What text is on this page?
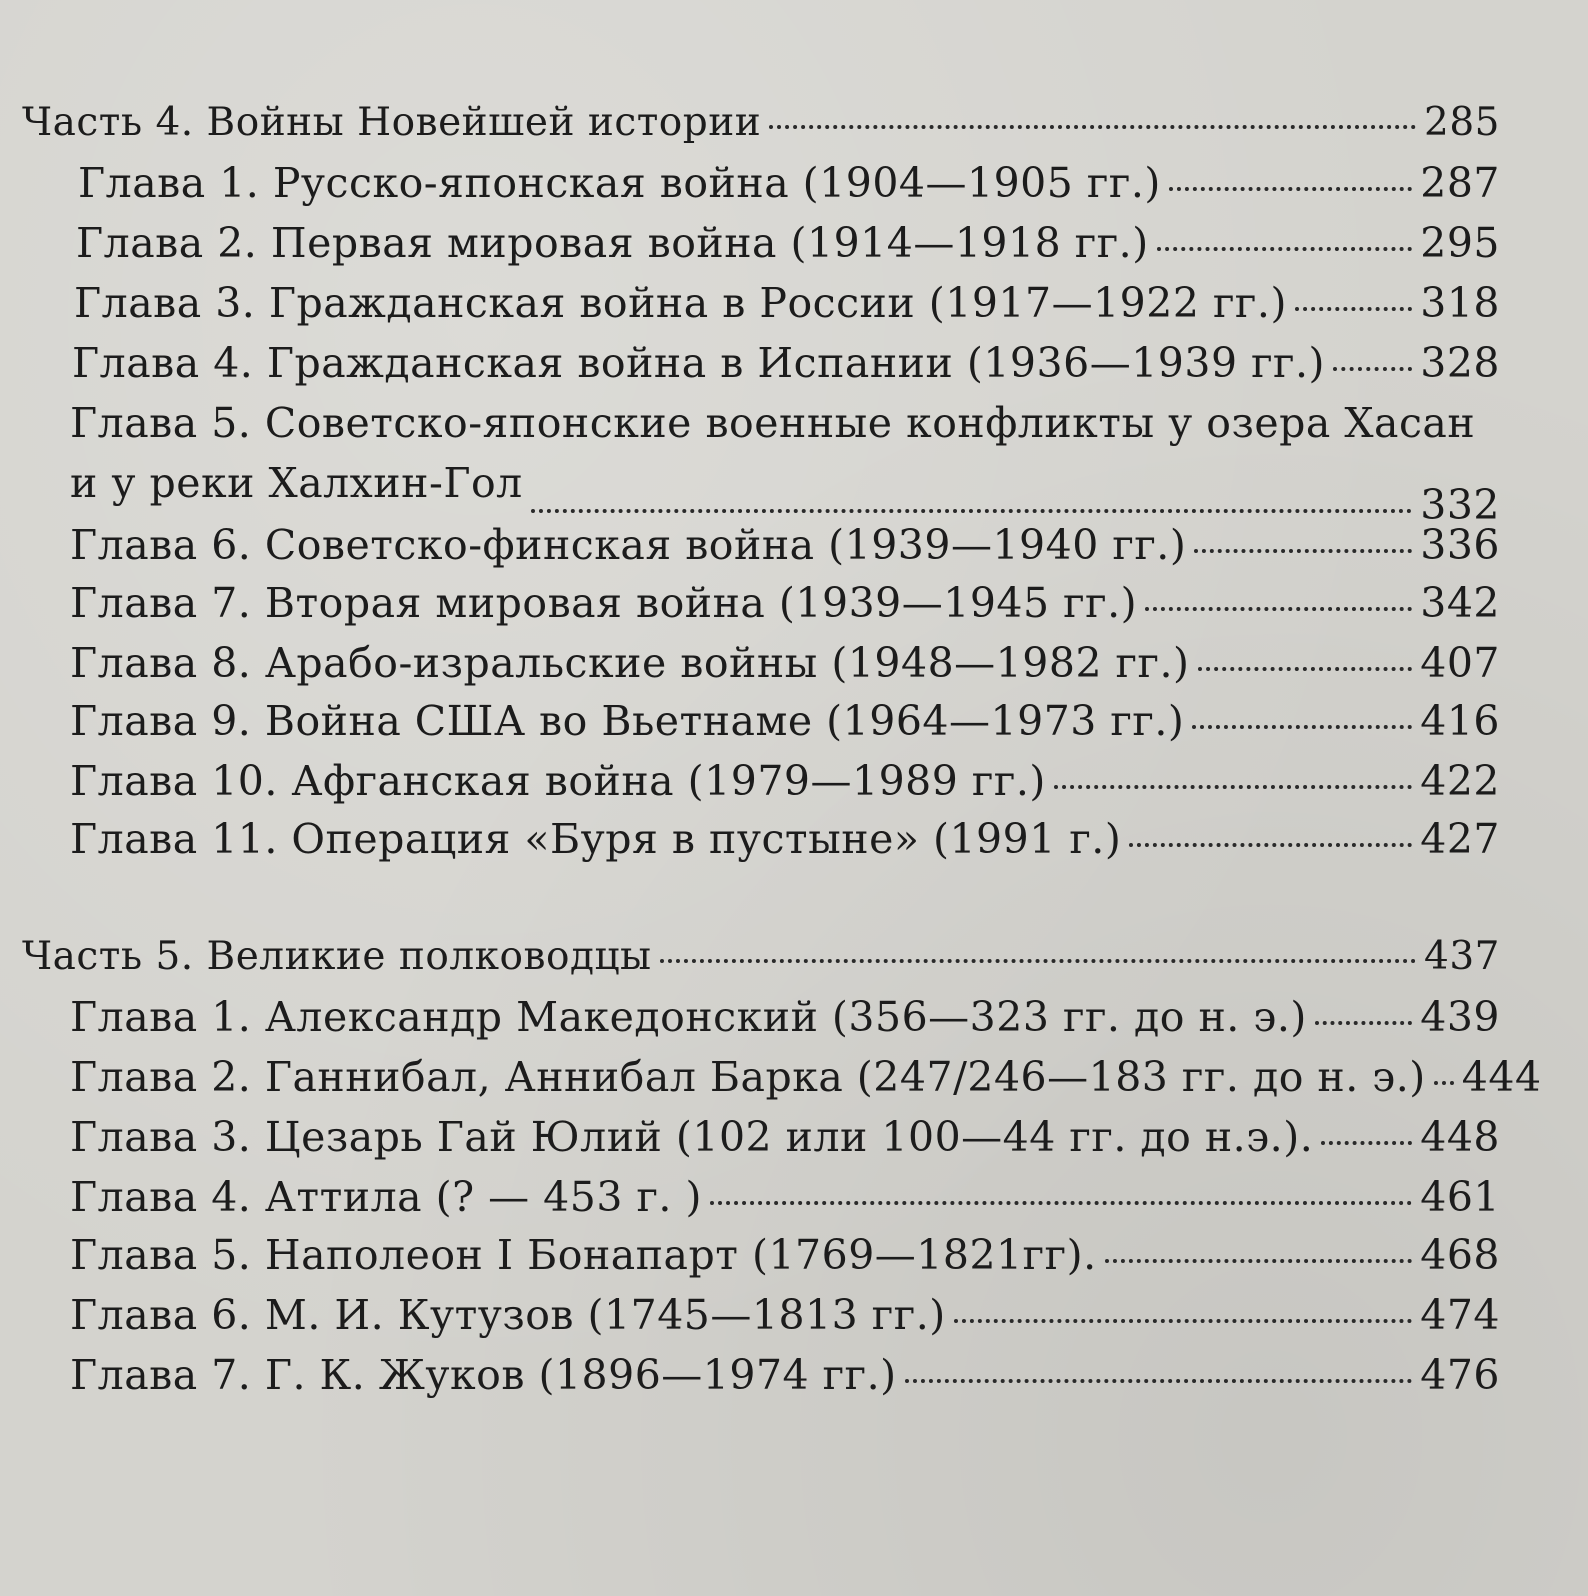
Часть 4. Войны Новейшей истории	285
Глава 1. Русско-японская война (1904—1905 гг.)	287
Глава 2. Первая мировая война (1914—1918 гг.)	295
Глава 3. Гражданская война в России (1917—1922 гг.)	318
Глава 4. Гражданская война в Испании (1936—1939 гг.) 328
Глава 5. Советско-японские военные конфликты у озера Хасан
и у реки Халхин-Гол	332
Глава 6. Советско-финская война (1939—1940 гг.)	336
Глава 7. Вторая мировая война (1939—1945 гг.)	342
Глава 8. Арабо-изральские войны (1948—1982 гг.)	407
Глава 9. Война США во Вьетнаме (1964—1973 гг.)	416
Глава 10. Афганская война (1979—1989 гг.)	422
Глава 11. Операция «Буря в пустыне» (1991 г.)	427
Часть 5. Великие полководцы	437
Глава 1. Александр Македонский (356—323 гг. до н. э.)	439
Глава 2. Ганнибал, Аннибал Барка (247/246—183 гг. до н. э.) 444
Глава 3. Цезарь Гай Юлий (102 или 100—44 гг. до н.э.).	448
Глава 4. Аттила (? — 453 г. )	461
Глава 5. Наполеон I Бонапарт (1769—1821гг).	468
Глава 6. М. И. Кутузов (1745—1813 гг.)	474
Глава 7. Г. К. Жуков (1896—1974 гг.)	476
